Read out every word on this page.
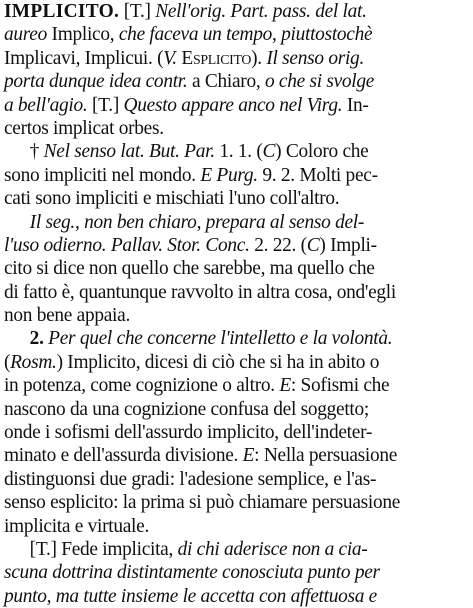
IMPLICITO. [T.] Nell'orig. Part. pass. del lat.
aureo Implico, che faceva un tempo, piuttostochè
Implicavi, Implicui. (V. Esplicito). Il senso orig.
porta dunque idea contr. a Chiaro, o che si svolge
a bell'agio. [T.] Questo appare anco nel Virg. In-
certos implicat orbes.
† Nel senso lat. But. Par. 1. 1. (C) Coloro che
sono impliciti nel mondo. E Purg. 9. 2. Molti pec-
cati sono impliciti e mischiati l'uno coll'altro.
Il seg., non ben chiaro, prepara al senso del-
l'uso odierno. Pallav. Stor. Conc. 2. 22. (C) Impli-
cito si dice non quello che sarebbe, ma quello che
di fatto è, quantunque ravvolto in altra cosa, ond'egli
non bene appaia.
2. Per quel che concerne l'intelletto e la volontà.
(Rosm.) Implicito, dicesi di ciò che si ha in abito o
in potenza, come cognizione o altro. E: Sofismi che
nascono da una cognizione confusa del soggetto;
onde i sofismi dell'assurdo implicito, dell'indeter-
minato e dell'assurda divisione. E: Nella persuasione
distinguonsi due gradi: l'adesione semplice, e l'as-
senso esplicito: la prima si può chiamare persuasione
implicita e virtuale.
[T.] Fede implicita, di chi aderisce non a cia-
scuna dottrina distintamente conosciuta punto per
punto, ma tutte insieme le accetta con affettuosa e
